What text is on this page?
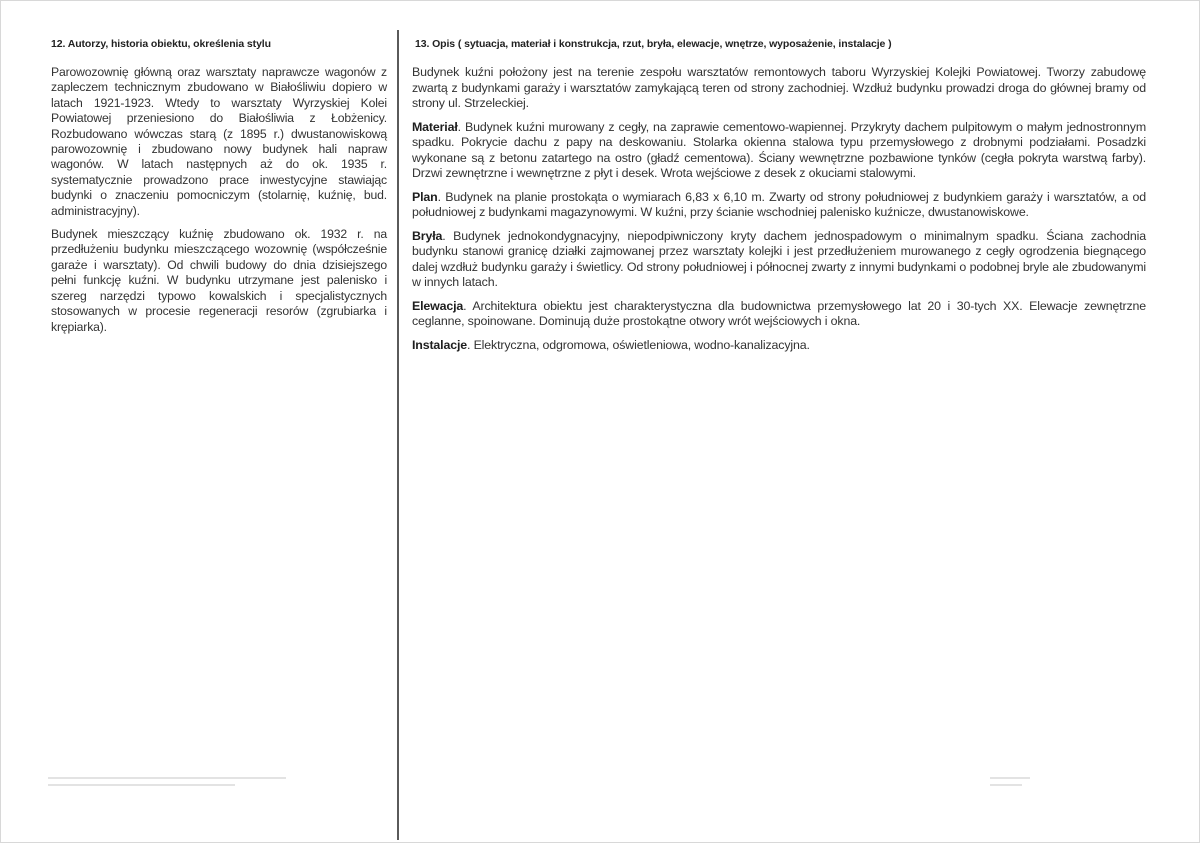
12. Autorzy, historia obiektu, określenia stylu

Parowozownię główną oraz warsztaty naprawcze wagonów z zapleczem technicznym zbudowano w Białośliwiu dopiero w latach 1921-1923. Wtedy to warsztaty Wyrzyskiej Kolei Powiatowej przeniesiono do Białośliwia z Łobżenicy. Rozbudowano wówczas starą (z 1895 r.) dwustanowiskową parowozownię i zbudowano nowy budynek hali napraw wagonów. W latach następnych aż do ok. 1935 r. systematycznie prowadzono prace inwestycyjne stawiając budynki o znaczeniu pomocniczym (stolarnię, kuźnię, bud. administracyjny).

Budynek mieszczący kuźnię zbudowano ok. 1932 r. na przedłużeniu budynku mieszczącego wozownię (współcześnie garaże i warsztaty). Od chwili budowy do dnia dzisiejszego pełni funkcję kuźni. W budynku utrzymane jest palenisko i szereg narzędzi typowo kowalskich i specjalistycznych stosowanych w procesie regeneracji resorów (zgrubiarka i krępiarka).

13. Opis ( sytuacja, materiał i konstrukcja, rzut, bryła, elewacje, wnętrze, wyposażenie, instalacje )

Budynek kuźni położony jest na terenie zespołu warsztatów remontowych taboru Wyrzyskiej Kolejki Powiatowej. Tworzy zabudowę zwartą z budynkami garaży i warsztatów zamykającą teren od strony zachodniej. Wzdłuż budynku prowadzi droga do głównej bramy od strony ul. Strzeleckiej.

Materiał. Budynek kuźni murowany z cegły, na zaprawie cementowo-wapiennej. Przykryty dachem pulpitowym o małym jednostronnym spadku. Pokrycie dachu z papy na deskowaniu. Stolarka okienna stalowa typu przemysłowego z drobnymi podziałami. Posadzki wykonane są z betonu zatartego na ostro (gładź cementowa). Ściany wewnętrzne pozbawione tynków (cegła pokryta warstwą farby). Drzwi zewnętrzne i wewnętrzne z płyt i desek. Wrota wejściowe z desek z okuciami stalowymi.

Plan. Budynek na planie prostokąta o wymiarach 6,83 x 6,10 m. Zwarty od strony południowej z budynkiem garaży i warsztatów, a od południowej z budynkami magazynowymi. W kuźni, przy ścianie wschodniej palenisko kuźnicze, dwustanowiskowe.

Bryła. Budynek jednokondygnacyjny, niepodpiwniczony kryty dachem jednospadowym o minimalnym spadku. Ściana zachodnia budynku stanowi granicę działki zajmowanej przez warsztaty kolejki i jest przedłużeniem murowanego z cegły ogrodzenia biegnącego dalej wzdłuż budynku garaży i świetlicy. Od strony południowej i północnej zwarty z innymi budynkami o podobnej bryle ale zbudowanymi w innych latach.

Elewacja. Architektura obiektu jest charakterystyczna dla budownictwa przemysłowego lat 20 i 30-tych XX. Elewacje zewnętrzne ceglanne, spoinowane. Dominują duże prostokątne otwory wrót wejściowych i okna.

Instalacje. Elektryczna, odgromowa, oświetleniowa, wodno-kanalizacyjna.
